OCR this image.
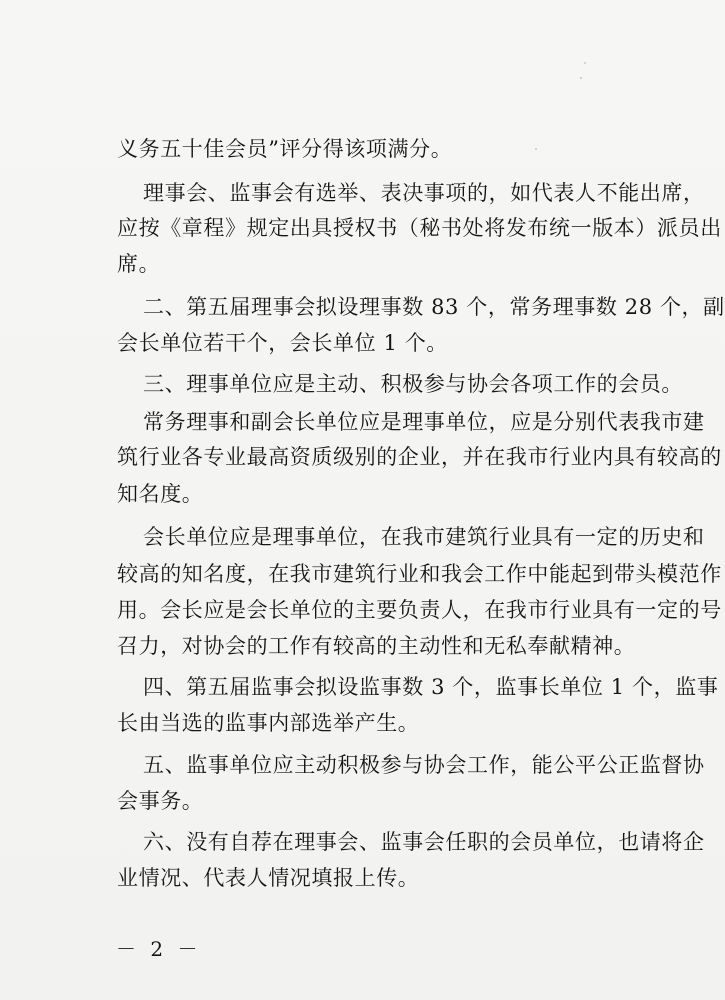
义务五十佳会员”评分得该项满分。
理事会、监事会有选举、表决事项的，如代表人不能出席，
应按《章程》规定出具授权书（秘书处将发布统一版本）派员出
席。
二、第五届理事会拟设理事数 83 个，常务理事数 28 个，副
会长单位若干个，会长单位 1 个。
三、理事单位应是主动、积极参与协会各项工作的会员。
常务理事和副会长单位应是理事单位，应是分别代表我市建
筑行业各专业最高资质级别的企业，并在我市行业内具有较高的
知名度。
会长单位应是理事单位，在我市建筑行业具有一定的历史和
较高的知名度，在我市建筑行业和我会工作中能起到带头模范作
用。会长应是会长单位的主要负责人，在我市行业具有一定的号
召力，对协会的工作有较高的主动性和无私奉献精神。
四、第五届监事会拟设监事数 3 个，监事长单位 1 个，监事
长由当选的监事内部选举产生。
五、监事单位应主动积极参与协会工作，能公平公正监督协
会事务。
六、没有自荐在理事会、监事会任职的会员单位，也请将企
业情况、代表人情况填报上传。
－ 2 －
